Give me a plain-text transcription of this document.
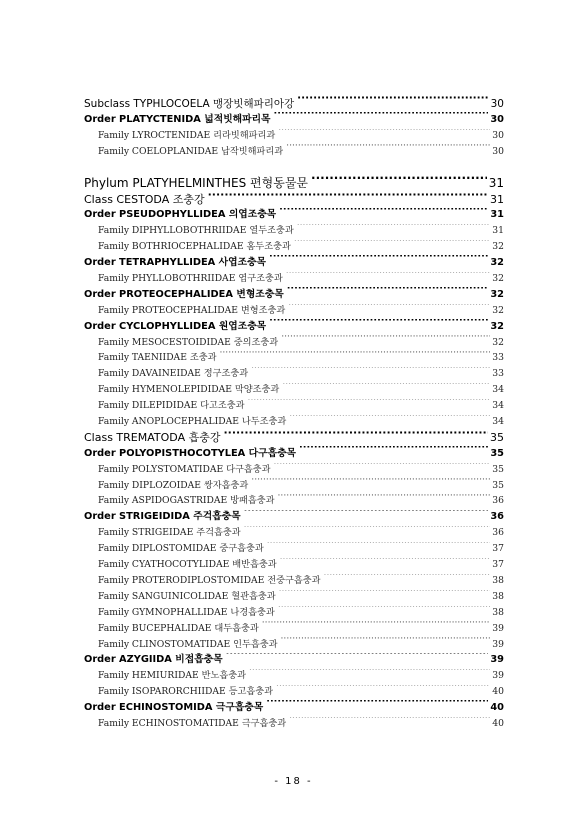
Subclass TYPHLOCOELA 맹장빗해파리아강 ·····	30
Order PLATYCTENIDA 넓적빗해파리목 ·····	30
Family LYROCTENIDAE 리라빗해파리과 ·····	30
Family COELOPLANIDAE 납작빗해파리과 ·····	30
Phylum PLATYHELMINTHES 편형동물문 ·····	31
Class CESTODA 조충강 ·····	31
Order PSEUDOPHYLLIDEA 의엽조충목 ·····	31
Family DIPHYLLOBOTHRIIDAE 열두조충과 ·····	31
Family BOTHRIOCEPHALIDAE 홈두조충과 ·····	32
Order TETRAPHYLLIDEA 사엽조충목 ·····	32
Family PHYLLOBOTHRIIDAE 엽구조충과 ·····	32
Order PROTEOCEPHALIDEA 변형조충목 ·····	32
Family PROTEOCEPHALIDAE 변형조충과 ·····	32
Order CYCLOPHYLLIDEA 원엽조충목 ·····	32
Family MESOCESTOIDIDAE 중의조충과 ·····	32
Family TAENIIDAE 조충과 ·····	33
Family DAVAINEIDAE 정구조충과 ·····	33
Family HYMENOLEPIDIDAE 막양조충과 ·····	34
Family DILEPIDIDAE 다고조충과 ·····	34
Family ANOPLOCEPHALIDAE 나두조충과 ·····	34
Class TREMATODA 흡충강 ·····	35
Order POLYOPISTHOCOTYLEA 다구흡충목 ·····	35
Family POLYSTOMATIDAE 다구흡충과 ·····	35
Family DIPLOZOIDAE 쌍자흡충과 ·····	35
Family ASPIDOGASTRIDAE 방패흡충과 ·····	36
Order STRIGEIDIDA 주걱흡충목 ·····	36
Family STRIGEIDAE 주걱흡충과 ·····	36
Family DIPLOSTOMIDAE 중구흡충과 ·····	37
Family CYATHOCOTYLIDAE 배반흡충과 ·····	37
Family PROTERODIPLOSTOMIDAE 전중구흡충과 ·····	38
Family SANGUINICOLIDAE 혈관흡충과 ·····	38
Family GYMNOPHALLIDAE 나경흡충과 ·····	38
Family BUCEPHALIDAE 대두흡충과 ·····	39
Family CLINOSTOMATIDAE 인두흡충과 ·····	39
Order AZYGIIDA 비접흡충목 ·····	39
Family HEMIURIDAE 반노흡충과 ·····	39
Family ISOPARORCHIIDAE 등고흡충과 ·····	40
Order ECHINOSTOMIDA 극구흡충목 ·····	40
Family ECHINOSTOMATIDAE 극구흡충과 ·····	40
- 18 -
